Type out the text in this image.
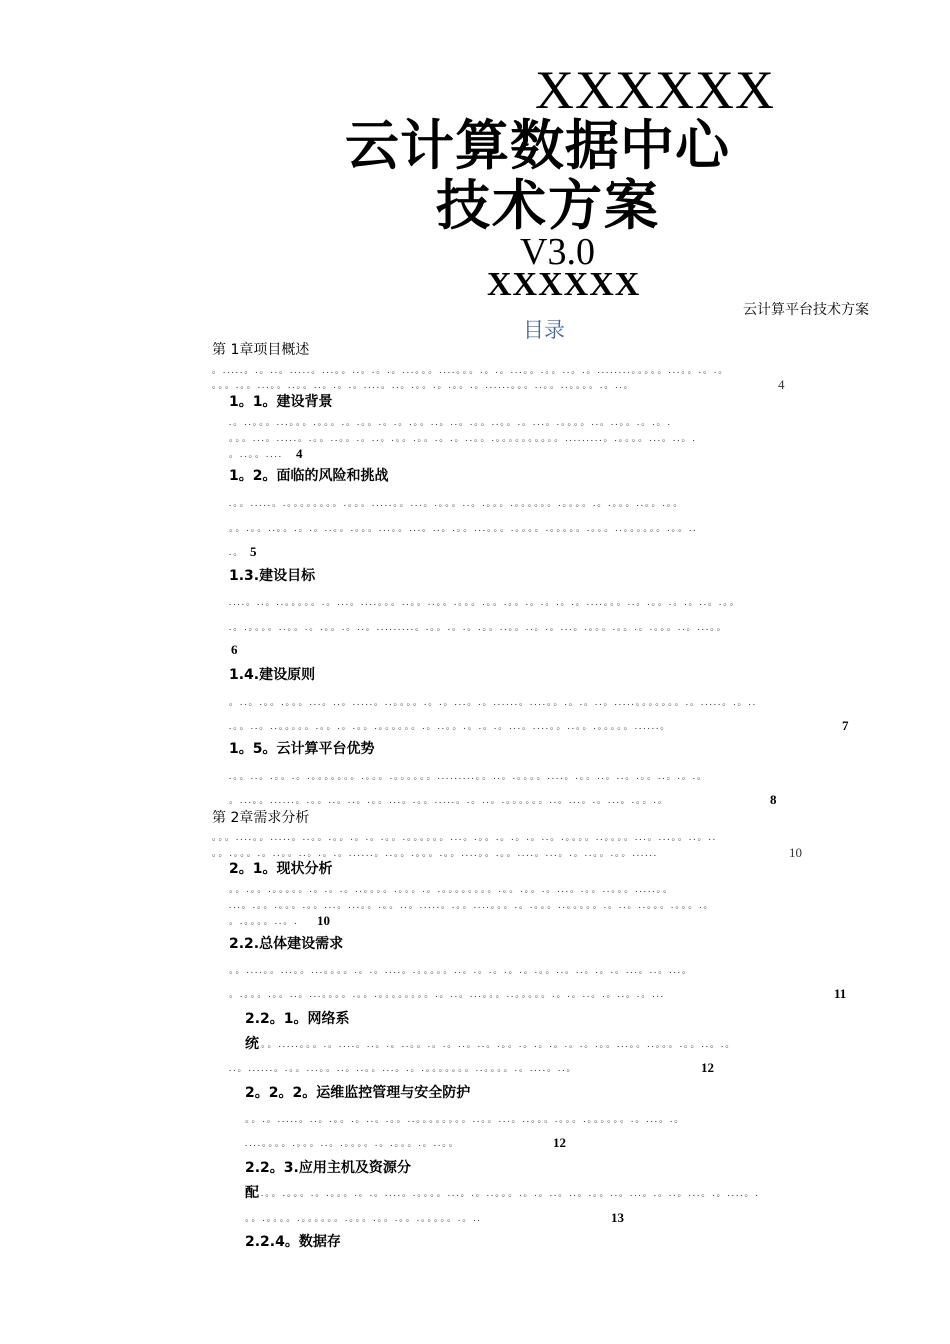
XXXXXX
云计算数据中心
技术方案
V3.0
XXXXXX
云计算平台技术方案
目录
第 1章项目概述
。.....。.。..。.....。...。。..。.。.。...。。。....。。。.。.。...。。.。。..。.。........。。。。。...。。.。.。
。。。.。。...。。..。。..。.。.。....。..。.。。.。.。。.。......。。。..。。..。。。。.。..。	4
1。1。建设背景
.。..。。。...。。。.。。。.。.。。.。.。.。。..。..。.。。..。。.。...。.。。。。..。..。。.。.。.
。。。...。.....。.。。..。。.。..。.。。.。。.。.。..。。.。。。。。。。。。。.........。.。。。。...。..。.
。..。。.... 4
1。2。面临的风险和挑战
.。。.....。.。。。。。。。。.。。。.....。。...。.。。。..。.。。。.。。。。。。.。。。。.。.。。。..。。.。。
。。.。。..。。.。.。..。。.。。。...。。...。..。.。。...。。。.。。。。.。。。。。.。。。..。。。。。。.。。..
.。 5
1.3.建设目标
....。..。..。。。。。.。...。....。。。..。。..。。.。。。.。。.。。.。.。.。.。....。。。..。.。。.。.。..。.。。
.。.。。。。..。。.。.。。.。..。.........。.。。.。.。.。。..。。..。.。...。.。。。.。。.。.。。。..。...。。
6
1.4.建设原则
。..。.。。.。。。...。..。.....。..。。。。.。.。...。.。......。....。。.。.。..。.....。。。。。。。.。.....。.。..
.。。..。..。。。。。.。。.。.。。.。。。。。。.。..。。.。.。.。...。....。。..。。.。。。。。......。	7
1。5。云计算平台优势
.。。..。.。。.。.。。。。。。。.。。。.。。。。。。.........。。..。.。。。。....。.。。..。..。.。。..。.。.。
。...。。......。.。。..。..。.。。...。.。。.....。.。..。.。。。。。。..。...。.。...。.。。.。	8
第 2章需求分析
。。。....。。.....。..。。.。。.。.。.。。.。。。。。。...。.。。.。.。.。..。.。。。。..。。。。...。...。。..。..
。。.。。。.。..。。..。.。.。......。..。。.。。。.。。....。。.。。....。...。.。..。。.。。......	10
2。1。现状分析
。。.。。.。。。。。.。.。.。..。。。。.。。。.。.。。。。。。。。.。。.。。.。...。.。。..。。。.....。。
...。.。。.。。。.。。...。...。。.。。..。.....。.。。....。。。.。.。。。..。。。。。.。..。..。。。.。。。.。
。.。。。。..。.	10
2.2.总体建设需求
。。....。。...。。...。。。。.。.。....。.。。。。。..。.。.。.。.。.。。..。..。.。.。...。..。...。
。.。。。.。。..。...。。。。.。。.。。。。。。。。.。..。...。。。..。。。。。.。.。..。.。..。.。...	11
2.2。1。网络系
统 。。.....。。。.。....。..。.。..。。.。.。..。..。.。。.。.。.。.。.。.。。...。。..。。。.。。..。.。
..。......。.。。...。。..。..。。...。.。.。。。。。。。..。。。。.。....。..。	12
2。2。2。运维监控管理与安全防护
。。.。.....。..。.。。.。..。.。。..。。。。。。。。..。。...。..。。。.。。。.。。。。。。.。...。.。
....。。。。.。。。..。.。。。。.。.。。。.。..。。	12
2.2。3.应用主机及资源分
配 .。。.。。。.。.。。。.。.。....。.。。。。...。.。..。。。.。.。..。..。.。。..。...。.。..。...。.。....。.
。。.。。。。.。。。。。。.。。。.。。.。。.。。。。。.。..	13
2.2.4。数据存
